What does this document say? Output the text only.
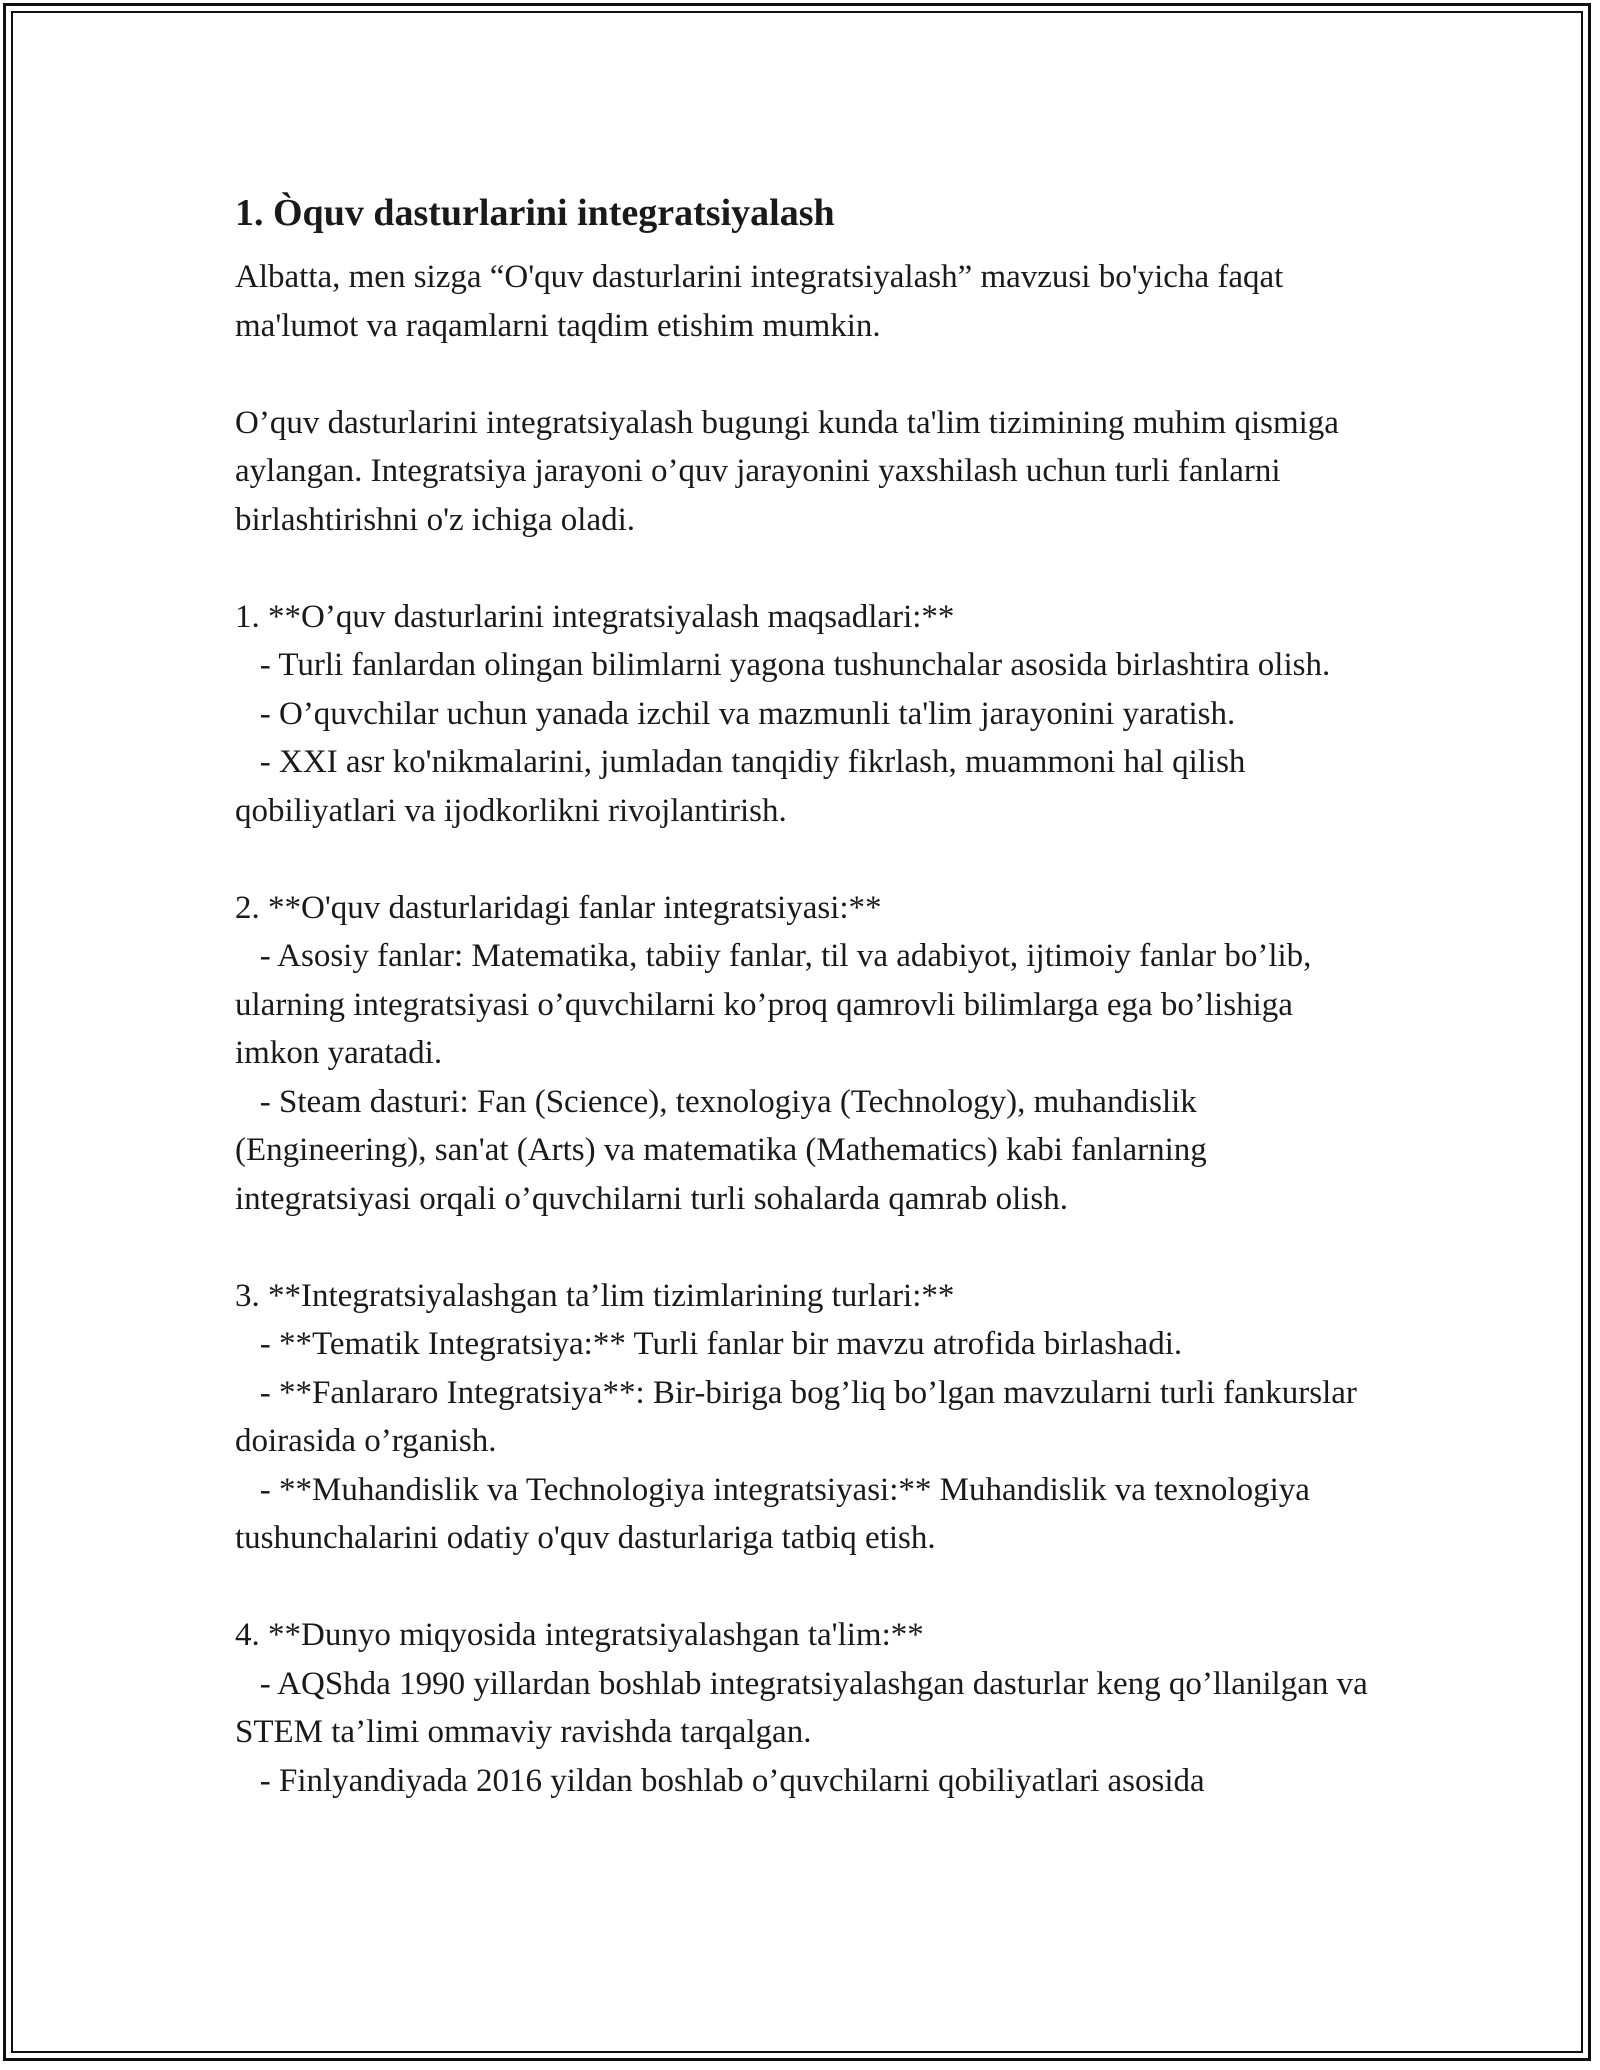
1. Òquv dasturlarini integratsiyalash

Albatta, men sizga “O'quv dasturlarini integratsiyalash” mavzusi bo'yicha faqat ma'lumot va raqamlarni taqdim etishim mumkin.

O’quv dasturlarini integratsiyalash bugungi kunda ta'lim tizimining muhim qismiga aylangan. Integratsiya jarayoni o’quv jarayonini yaxshilash uchun turli fanlarni birlashtirishni o'z ichiga oladi.

1. **O’quv dasturlarini integratsiyalash maqsadlari:**

- Turli fanlardan olingan bilimlarni yagona tushunchalar asosida birlashtira olish.

- O’quvchilar uchun yanada izchil va mazmunli ta'lim jarayonini yaratish.

- XXI asr ko'nikmalarini, jumladan tanqidiy fikrlash, muammoni hal qilish qobiliyatlari va ijodkorlikni rivojlantirish.

2. **O'quv dasturlaridagi fanlar integratsiyasi:**

- Asosiy fanlar: Matematika, tabiiy fanlar, til va adabiyot, ijtimoiy fanlar bo’lib, ularning integratsiyasi o’quvchilarni ko’proq qamrovli bilimlarga ega bo’lishiga imkon yaratadi.

- Steam dasturi: Fan (Science), texnologiya (Technology), muhandislik (Engineering), san'at (Arts) va matematika (Mathematics) kabi fanlarning integratsiyasi orqali o’quvchilarni turli sohalarda qamrab olish.

3. **Integratsiyalashgan ta’lim tizimlarining turlari:**

- **Tematik Integratsiya:** Turli fanlar bir mavzu atrofida birlashadi.

- **Fanlararo Integratsiya**: Bir-biriga bog’liq bo’lgan mavzularni turli fankurslar doirasida o’rganish.

- **Muhandislik va Technologiya integratsiyasi:** Muhandislik va texnologiya tushunchalarini odatiy o'quv dasturlariga tatbiq etish.

4. **Dunyo miqyosida integratsiyalashgan ta'lim:**

- AQShda 1990 yillardan boshlab integratsiyalashgan dasturlar keng qo’llanilgan va STEM ta’limi ommaviy ravishda tarqalgan.

- Finlyandiyada 2016 yildan boshlab o’quvchilarni qobiliyatlari asosida
